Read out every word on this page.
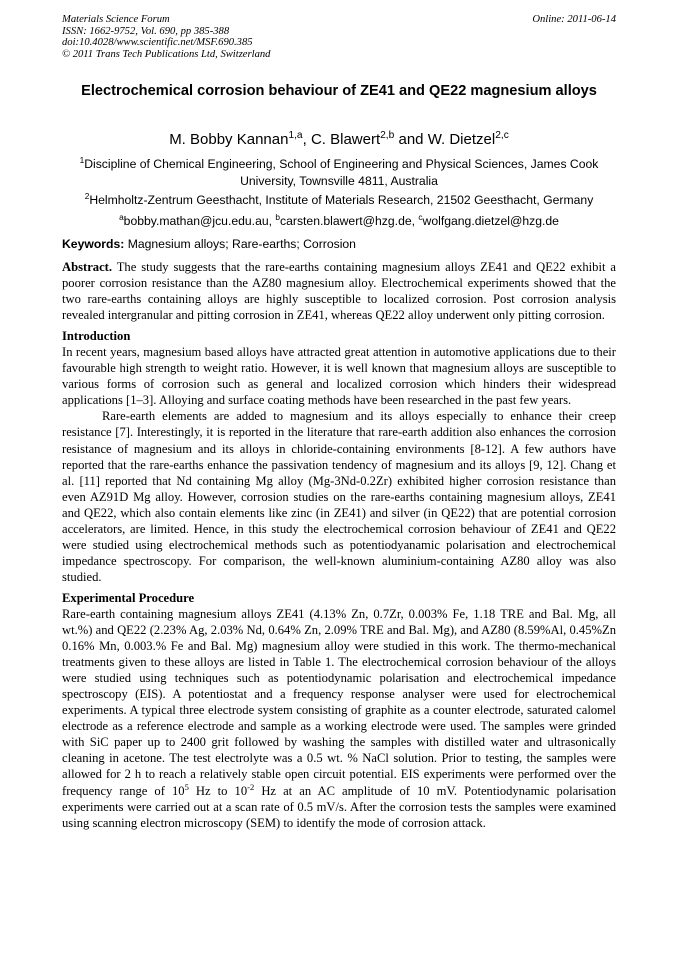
Materials Science Forum
ISSN: 1662-9752, Vol. 690, pp 385-388
doi:10.4028/www.scientific.net/MSF.690.385
© 2011 Trans Tech Publications Ltd, Switzerland
Online: 2011-06-14
Electrochemical corrosion behaviour of ZE41 and QE22 magnesium alloys
M. Bobby Kannan$^{1,a}$, C. Blawert$^{2,b}$ and W. Dietzel$^{2,c}$
$^1$Discipline of Chemical Engineering, School of Engineering and Physical Sciences, James Cook University, Townsville 4811, Australia
$^2$Helmholtz-Zentrum Geesthacht, Institute of Materials Research, 21502 Geesthacht, Germany
$^a$bobby.mathan@jcu.edu.au, $^b$carsten.blawert@hzg.de, $^c$wolfgang.dietzel@hzg.de
Keywords: Magnesium alloys; Rare-earths; Corrosion

Abstract. The study suggests that the rare-earths containing magnesium alloys ZE41 and QE22 exhibit a poorer corrosion resistance than the AZ80 magnesium alloy. Electrochemical experiments showed that the two rare-earths containing alloys are highly susceptible to localized corrosion. Post corrosion analysis revealed intergranular and pitting corrosion in ZE41, whereas QE22 alloy underwent only pitting corrosion.

Introduction

In recent years, magnesium based alloys have attracted great attention in automotive applications due to their favourable high strength to weight ratio. However, it is well known that magnesium alloys are susceptible to various forms of corrosion such as general and localized corrosion which hinders their widespread applications [1–3]. Alloying and surface coating methods have been researched in the past few years.

Rare-earth elements are added to magnesium and its alloys especially to enhance their creep resistance [7]. Interestingly, it is reported in the literature that rare-earth addition also enhances the corrosion resistance of magnesium and its alloys in chloride-containing environments [8-12]. A few authors have reported that the rare-earths enhance the passivation tendency of magnesium and its alloys [9, 12]. Chang et al. [11] reported that Nd containing Mg alloy (Mg-3Nd-0.2Zr) exhibited higher corrosion resistance than even AZ91D Mg alloy. However, corrosion studies on the rare-earths containing magnesium alloys, ZE41 and QE22, which also contain elements like zinc (in ZE41) and silver (in QE22) that are potential corrosion accelerators, are limited. Hence, in this study the electrochemical corrosion behaviour of ZE41 and QE22 were studied using electrochemical methods such as potentiodyanamic polarisation and electrochemical impedance spectroscopy. For comparison, the well-known aluminium-containing AZ80 alloy was also studied.

Experimental Procedure

Rare-earth containing magnesium alloys ZE41 (4.13% Zn, 0.7Zr, 0.003% Fe, 1.18 TRE and Bal. Mg, all wt.%) and QE22 (2.23% Ag, 2.03% Nd, 0.64% Zn, 2.09% TRE and Bal. Mg), and AZ80 (8.59%Al, 0.45%Zn 0.16% Mn, 0.003.% Fe and Bal. Mg) magnesium alloy were studied in this work. The thermo-mechanical treatments given to these alloys are listed in Table 1. The electrochemical corrosion behaviour of the alloys were studied using techniques such as potentiodynamic polarisation and electrochemical impedance spectroscopy (EIS). A potentiostat and a frequency response analyser were used for electrochemical experiments. A typical three electrode system consisting of graphite as a counter electrode, saturated calomel electrode as a reference electrode and sample as a working electrode were used. The samples were grinded with SiC paper up to 2400 grit followed by washing the samples with distilled water and ultrasonically cleaning in acetone. The test electrolyte was a 0.5 wt. % NaCl solution. Prior to testing, the samples were allowed for 2 h to reach a relatively stable open circuit potential. EIS experiments were performed over the frequency range of $10^5$ Hz to $10^{-2}$ Hz at an AC amplitude of 10 mV. Potentiodynamic polarisation experiments were carried out at a scan rate of 0.5 mV/s. After the corrosion tests the samples were examined using scanning electron microscopy (SEM) to identify the mode of corrosion attack.
